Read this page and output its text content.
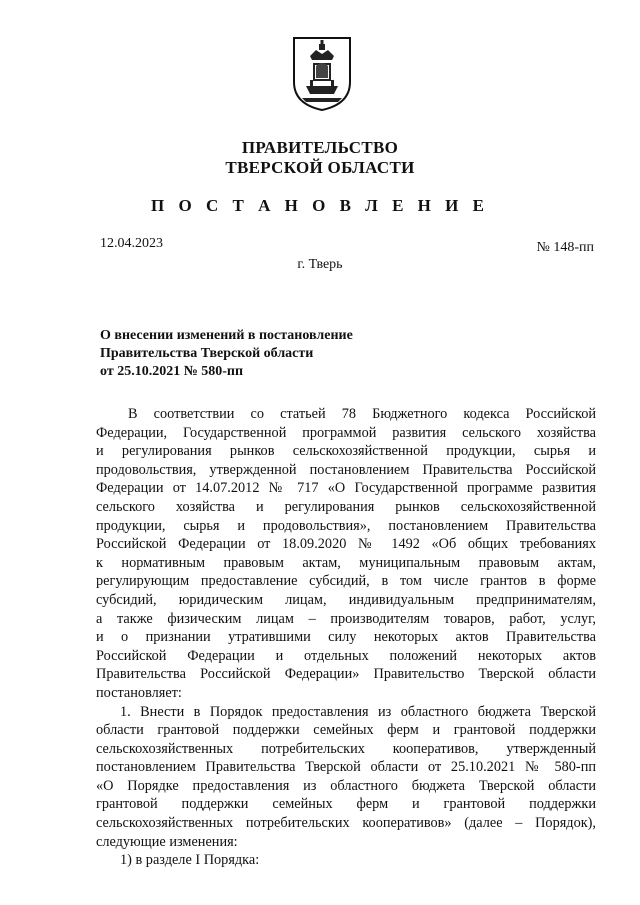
ПРАВИТЕЛЬСТВО
ТВЕРСКОЙ ОБЛАСТИ
П О С Т А Н О В Л Е Н И Е
12.04.2023	№ 148-пп
г. Тверь
О внесении изменений в постановление
Правительства Тверской области
от 25.10.2021 № 580-пп
В соответствии со статьей 78 Бюджетного кодекса Российской
Федерации, Государственной программой развития сельского хозяйства
и регулирования рынков сельскохозяйственной продукции, сырья и
продовольствия, утвержденной постановлением Правительства Российской
Федерации от 14.07.2012 № 717 «О Государственной программе развития
сельского хозяйства и регулирования рынков сельскохозяйственной
продукции, сырья и продовольствия», постановлением Правительства
Российской Федерации от 18.09.2020 № 1492 «Об общих требованиях
к нормативным правовым актам, муниципальным правовым актам,
регулирующим предоставление субсидий, в том числе грантов в форме
субсидий, юридическим лицам, индивидуальным предпринимателям,
а также физическим лицам – производителям товаров, работ, услуг,
и о признании утратившими силу некоторых актов Правительства
Российской Федерации и отдельных положений некоторых актов
Правительства Российской Федерации» Правительство Тверской области
постановляет:
1. Внести в Порядок предоставления из областного бюджета Тверской
области грантовой поддержки семейных ферм и грантовой поддержки
сельскохозяйственных потребительских кооперативов, утвержденный
постановлением Правительства Тверской области от 25.10.2021 № 580-пп
«О Порядке предоставления из областного бюджета Тверской области
грантовой поддержки семейных ферм и грантовой поддержки
сельскохозяйственных потребительских кооперативов» (далее – Порядок),
следующие изменения:
1) в разделе I Порядка:
